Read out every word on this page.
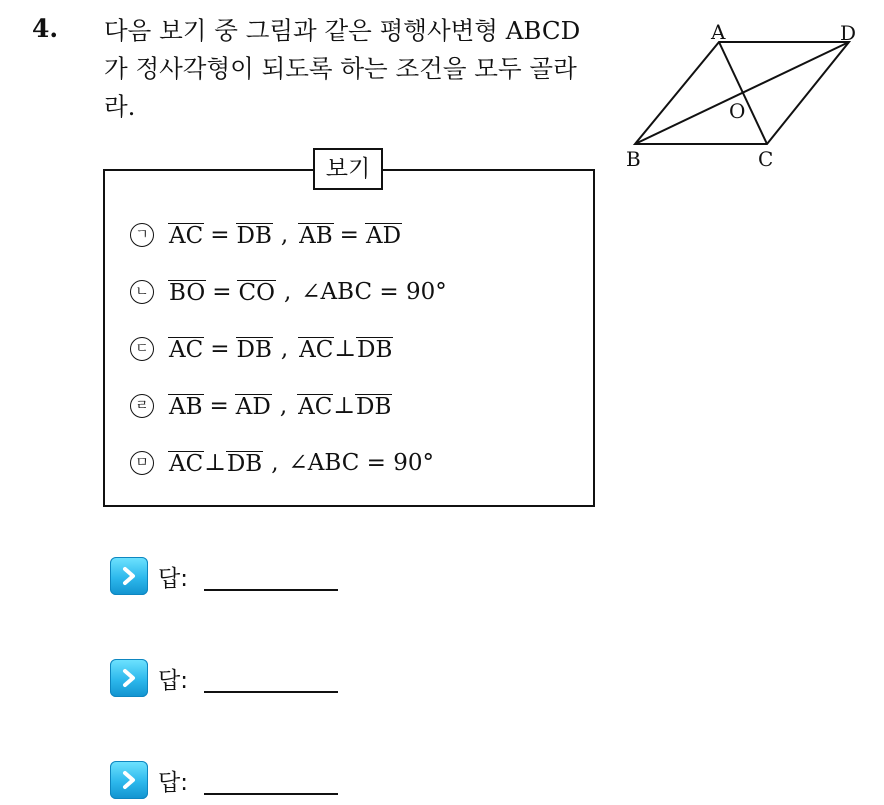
4. 다음 보기 중 그림과 같은 평행사변형 ABCD
가 정사각형이 되도록 하는 조건을 모두 골라
라.
A	D
O
B	C
보기
ㄱ AC = DB , AB = AD
ㄴ BO = CO , ∠ABC = 90°
ㄷ AC = DB , AC ⊥ DB
ㄹ AB = AD , AC ⊥ DB
ㅁ AC ⊥ DB , ∠ABC = 90°
답:
답:
답:
